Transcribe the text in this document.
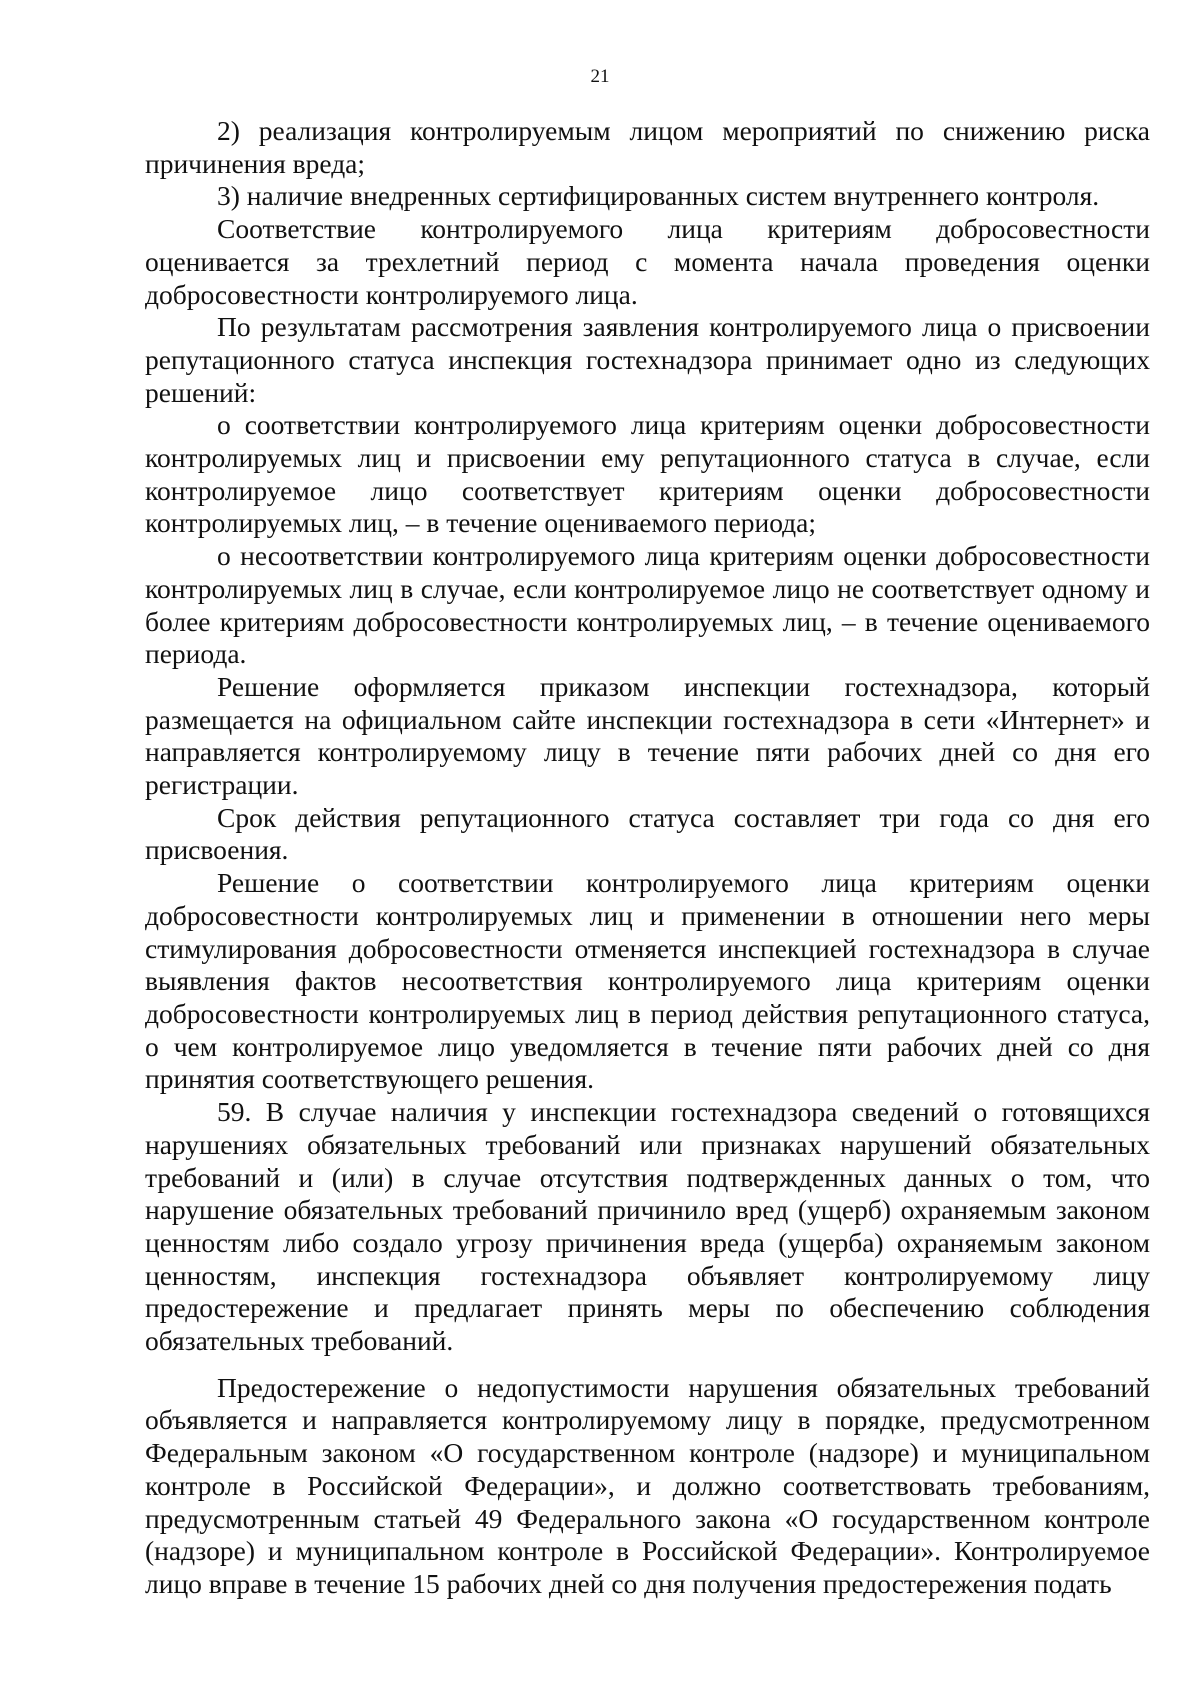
21

2) реализация контролируемым лицом мероприятий по снижению риска причинения вреда;

3) наличие внедренных сертифицированных систем внутреннего контроля.

Соответствие контролируемого лица критериям добросовестности оценивается за трехлетний период с момента начала проведения оценки добросовестности контролируемого лица.

По результатам рассмотрения заявления контролируемого лица о присвоении репутационного статуса инспекция гостехнадзора принимает одно из следующих решений:

о соответствии контролируемого лица критериям оценки добросовестности контролируемых лиц и присвоении ему репутационного статуса в случае, если контролируемое лицо соответствует критериям оценки добросовестности контролируемых лиц, – в течение оцениваемого периода;

о несоответствии контролируемого лица критериям оценки добросовестности контролируемых лиц в случае, если контролируемое лицо не соответствует одному и более критериям добросовестности контролируемых лиц, – в течение оцениваемого периода.

Решение оформляется приказом инспекции гостехнадзора, который размещается на официальном сайте инспекции гостехнадзора в сети «Интернет» и направляется контролируемому лицу в течение пяти рабочих дней со дня его регистрации.

Срок действия репутационного статуса составляет три года со дня его присвоения.

Решение о соответствии контролируемого лица критериям оценки добросовестности контролируемых лиц и применении в отношении него меры стимулирования добросовестности отменяется инспекцией гостехнадзора в случае выявления фактов несоответствия контролируемого лица критериям оценки добросовестности контролируемых лиц в период действия репутационного статуса, о чем контролируемое лицо уведомляется в течение пяти рабочих дней со дня принятия соответствующего решения.

59. В случае наличия у инспекции гостехнадзора сведений о готовящихся нарушениях обязательных требований или признаках нарушений обязательных требований и (или) в случае отсутствия подтвержденных данных о том, что нарушение обязательных требований причинило вред (ущерб) охраняемым законом ценностям либо создало угрозу причинения вреда (ущерба) охраняемым законом ценностям, инспекция гостехнадзора объявляет контролируемому лицу предостережение и предлагает принять меры по обеспечению соблюдения обязательных требований.

Предостережение о недопустимости нарушения обязательных требований объявляется и направляется контролируемому лицу в порядке, предусмотренном Федеральным законом «О государственном контроле (надзоре) и муниципальном контроле в Российской Федерации», и должно соответствовать требованиям, предусмотренным статьей 49 Федерального закона «О государственном контроле (надзоре) и муниципальном контроле в Российской Федерации». Контролируемое лицо вправе в течение 15 рабочих дней со дня получения предостережения подать
